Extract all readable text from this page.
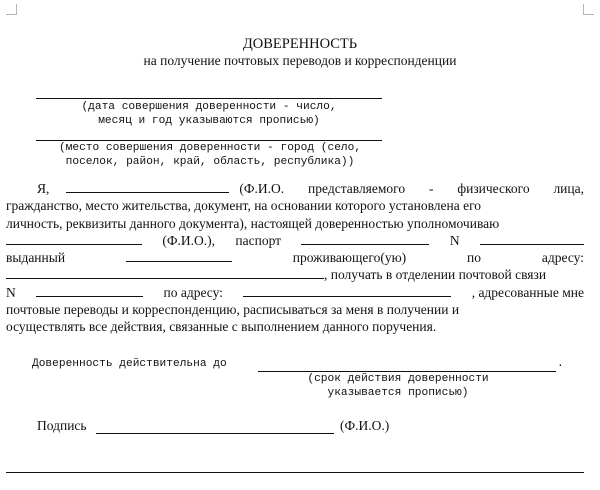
ДОВЕРЕННОСТЬ
на получение почтовых переводов и корреспонденции
(дата совершения доверенности - число,
месяц и год указываются прописью)
(место совершения доверенности - город (село,
поселок, район, край, область, республика))
Я,	(Ф.И.О. представляемого - физического лица,
гражданство, место жительства, документ, на основании которого установлена его
личность, реквизиты данного документа), настоящей доверенностью уполномочиваю
(Ф.И.О.), паспорт	N
выданный	проживающего(ую)	по	адресу:
, получать в отделении почтовой связи
N	по адресу:	, адресованные мне
почтовые переводы и корреспонденцию, расписываться за меня в получении и
осуществлять все действия, связанные с выполнением данного поручения.
Доверенность действительна до	.
(срок действия доверенности
указывается прописью)
Подпись	(Ф.И.О.)
